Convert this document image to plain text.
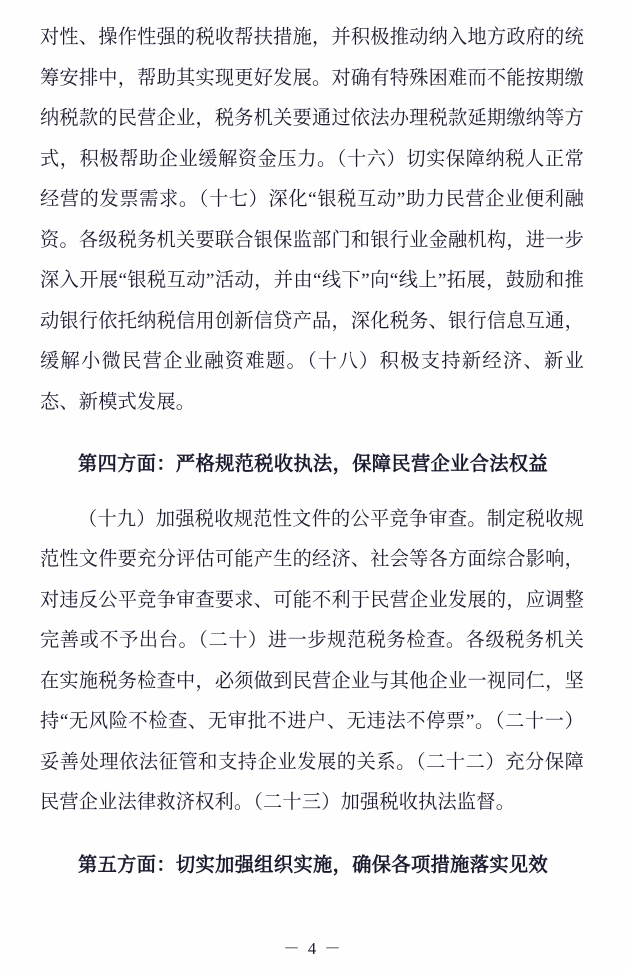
对性、操作性强的税收帮扶措施，并积极推动纳入地方政府的统筹安排中，帮助其实现更好发展。对确有特殊困难而不能按期缴纳税款的民营企业，税务机关要通过依法办理税款延期缴纳等方式，积极帮助企业缓解资金压力。（十六）切实保障纳税人正常经营的发票需求。（十七）深化“银税互动”助力民营企业便利融资。各级税务机关要联合银保监部门和银行业金融机构，进一步深入开展“银税互动”活动，并由“线下”向“线上”拓展，鼓励和推动银行依托纳税信用创新信贷产品，深化税务、银行信息互通，缓解小微民营企业融资难题。（十八）积极支持新经济、新业态、新模式发展。

第四方面：严格规范税收执法，保障民营企业合法权益

（十九）加强税收规范性文件的公平竞争审查。制定税收规范性文件要充分评估可能产生的经济、社会等各方面综合影响，对违反公平竞争审查要求、可能不利于民营企业发展的，应调整完善或不予出台。（二十）进一步规范税务检查。各级税务机关在实施税务检查中，必须做到民营企业与其他企业一视同仁，坚持“无风险不检查、无审批不进户、无违法不停票”。（二十一）妥善处理依法征管和支持企业发展的关系。（二十二）充分保障民营企业法律救济权利。（二十三）加强税收执法监督。

第五方面：切实加强组织实施，确保各项措施落实见效

－ 4 －
